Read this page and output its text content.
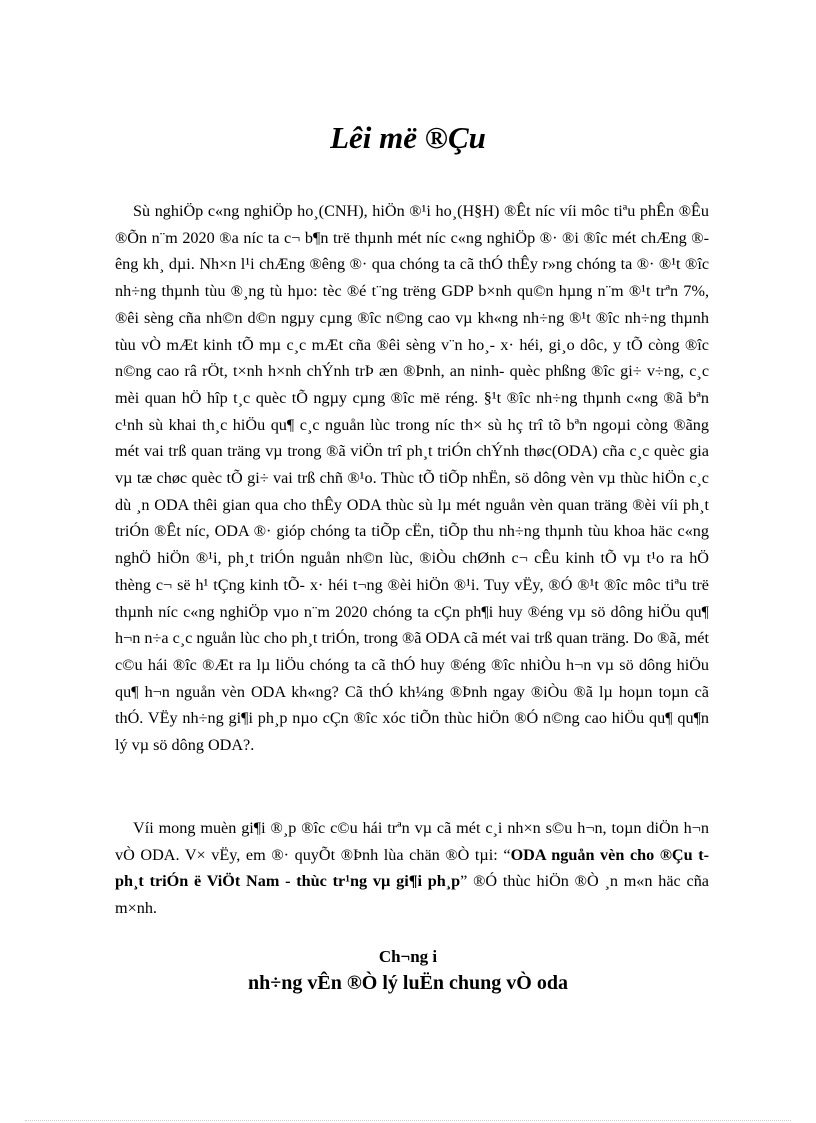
Lêi më ®Çu

Sù nghiÖp c«ng nghiÖp ho¸(CNH), hiÖn ®¹i ho¸(H§H) ®Êt níc víi môc tiªu phÊn ®Êu ®Õn n¨m 2020 ®a níc ta c¬ b¶n trë thµnh mét níc c«ng nghiÖp ®· ®i ®îc mét chÆng ®êng kh¸ dµi. Nh×n l¹i chÆng ®êng ®· qua chóng ta cã thÓ thÊy r»ng chóng ta ®· ®¹t ®îc nh÷ng thµnh tùu ®¸ng tù hµo: tèc ®é t¨ng trëng GDP b×nh qu©n hµng n¨m ®¹t trªn 7%, ®êi sèng cña nh©n d©n ngµy cµng ®îc n©ng cao vµ kh«ng nh÷ng ®¹t ®îc nh÷ng thµnh tùu vÒ mÆt kinh tÕ mµ c¸c mÆt cña ®êi sèng v¨n ho¸- x· héi, gi¸o dôc, y tÕ còng ®îc n©ng cao râ rÖt, t×nh h×nh chÝnh trÞ æn ®Þnh, an ninh- quèc phßng ®îc gi÷ v÷ng, c¸c mèi quan hÖ hîp t¸c quèc tÕ ngµy cµng ®îc më réng. §¹t ®îc nh÷ng thµnh c«ng ®ã bªn c¹nh sù khai th¸c hiÖu qu¶ c¸c nguån lùc trong níc th× sù hç trî tõ bªn ngoµi còng ®ãng mét vai trß quan träng vµ trong ®ã viÖn trî ph¸t triÓn chÝnh thøc(ODA) cña c¸c quèc gia vµ tæ chøc quèc tÕ gi÷ vai trß chñ ®¹o. Thùc tÕ tiÕp nhËn, sö dông vèn vµ thùc hiÖn c¸c dù ¸n ODA thêi gian qua cho thÊy ODA thùc sù lµ mét nguån vèn quan träng ®èi víi ph¸t triÓn ®Êt níc, ODA ®· gióp chóng ta tiÕp cËn, tiÕp thu nh÷ng thµnh tùu khoa häc c«ng nghÖ hiÖn ®¹i, ph¸t triÓn nguån nh©n lùc, ®iÒu chØnh c¬ cÊu kinh tÕ vµ t¹o ra hÖ thèng c¬ së h¹ tÇng kinh tÕ- x· héi t¬ng ®èi hiÖn ®¹i. Tuy vËy, ®Ó ®¹t ®îc môc tiªu trë thµnh níc c«ng nghiÖp vµo n¨m 2020 chóng ta cÇn ph¶i huy ®éng vµ sö dông hiÖu qu¶ h¬n n÷a c¸c nguån lùc cho ph¸t triÓn, trong ®ã ODA cã mét vai trß quan träng. Do ®ã, mét c©u hái ®îc ®Æt ra lµ liÖu chóng ta cã thÓ huy ®éng ®îc nhiÒu h¬n vµ sö dông hiÖu qu¶ h¬n nguån vèn ODA kh«ng? Cã thÓ kh¼ng ®Þnh ngay ®iÒu ®ã lµ hoµn toµn cã thÓ. VËy nh÷ng gi¶i ph¸p nµo cÇn ®îc xóc tiÕn thùc hiÖn ®Ó n©ng cao hiÖu qu¶ qu¶n lý vµ sö dông ODA?.

Víi mong muèn gi¶i ®¸p ®îc c©u hái trªn vµ cã mét c¸i nh×n s©u h¬n, toµn diÖn h¬n vÒ ODA. V× vËy, em ®· quyÕt ®Þnh lùa chän ®Ò tµi: “ODA nguån vèn cho ®Çu t ph¸t triÓn ë ViÖt Nam - thùc tr¹ng vµ gi¶i ph¸p” ®Ó thùc hiÖn ®Ò ¸n m«n häc cña m×nh.

Ch¬ng i

nh÷ng vÊn ®Ò lý luËn chung vÒ oda
